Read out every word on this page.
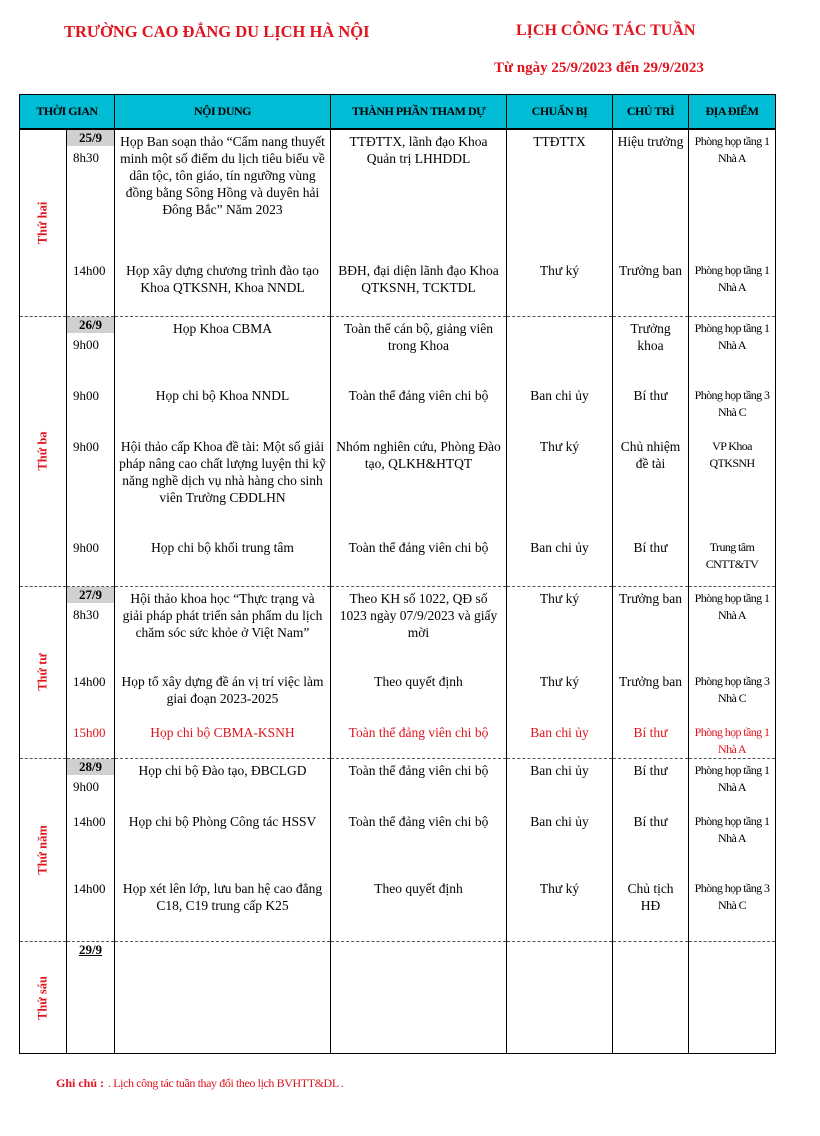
TRƯỜNG CAO ĐẲNG DU LỊCH HÀ NỘI	LỊCH CÔNG TÁC TUẦN
Từ ngày 25/9/2023 đến 29/9/2023
THỜI GIAN		NỘI DUNG	THÀNH PHẦN THAM DỰ	CHUẨN BỊ	CHỦ TRÌ	ĐỊA ĐIỂM

Thứ hai	25/9
8h30	Họp Ban soạn thảo “Cẩm nang thuyết minh một số điểm du lịch tiêu biểu về dân tộc, tôn giáo, tín ngưỡng vùng đồng bằng Sông Hồng và duyên hải Đông Bắc” Năm 2023	TTĐTTX, lãnh đạo Khoa Quản trị LHHDDL	TTĐTTX	Hiệu trưởng	Phòng họp tầng 1 Nhà A

	14h00	Họp xây dựng chương trình đào tạo Khoa QTKSNH, Khoa NNDL	BĐH, đại diện lãnh đạo Khoa QTKSNH, TCKTDL	Thư ký	Trưởng ban	Phòng họp tầng 1 Nhà A

Thứ ba	26/9
9h00	Họp Khoa CBMA	Toàn thể cán bộ, giảng viên trong Khoa		Trưởng khoa	Phòng họp tầng 1 Nhà A

	9h00	Họp chi bộ Khoa NNDL	Toàn thể đảng viên chi bộ	Ban chi ủy	Bí thư	Phòng họp tầng 3 Nhà C

	9h00	Hội thảo cấp Khoa đề tài: Một số giải pháp nâng cao chất lượng luyện thi kỹ năng nghề dịch vụ nhà hàng cho sinh viên Trường CĐDLHN	Nhóm nghiên cứu, Phòng Đào tạo, QLKH&HTQT	Thư ký	Chủ nhiệm đề tài	VP Khoa QTKSNH

	9h00	Họp chi bộ khối trung tâm	Toàn thể đảng viên chi bộ	Ban chi ủy	Bí thư	Trung tâm CNTT&TV

Thứ tư	27/9
8h30	Hội thảo khoa học “Thực trạng và giải pháp phát triển sản phẩm du lịch chăm sóc sức khỏe ở Việt Nam”	Theo KH số 1022, QĐ số 1023 ngày 07/9/2023 và giấy mời	Thư ký	Trưởng ban	Phòng họp tầng 1 Nhà A

	14h00	Họp tổ xây dựng đề án vị trí việc làm giai đoạn 2023-2025	Theo quyết định	Thư ký	Trưởng ban	Phòng họp tầng 3 Nhà C

	15h00	Họp chi bộ CBMA-KSNH	Toàn thể đảng viên chi bộ	Ban chi ủy	Bí thư	Phòng họp tầng 1 Nhà A

Thứ năm	28/9
9h00	Họp chi bộ Đào tạo, ĐBCLGD	Toàn thể đảng viên chi bộ	Ban chi ủy	Bí thư	Phòng họp tầng 1 Nhà A

	14h00	Họp chi bộ Phòng Công tác HSSV	Toàn thể đảng viên chi bộ	Ban chi ủy	Bí thư	Phòng họp tầng 1 Nhà A

	14h00	Họp xét lên lớp, lưu ban hệ cao đẳng C18, C19 trung cấp K25	Theo quyết định	Thư ký	Chủ tịch HĐ	Phòng họp tầng 3 Nhà C

Thứ sáu	29/9					

Ghi chú : . Lịch công tác tuần thay đổi theo lịch BVHTT&DL .
